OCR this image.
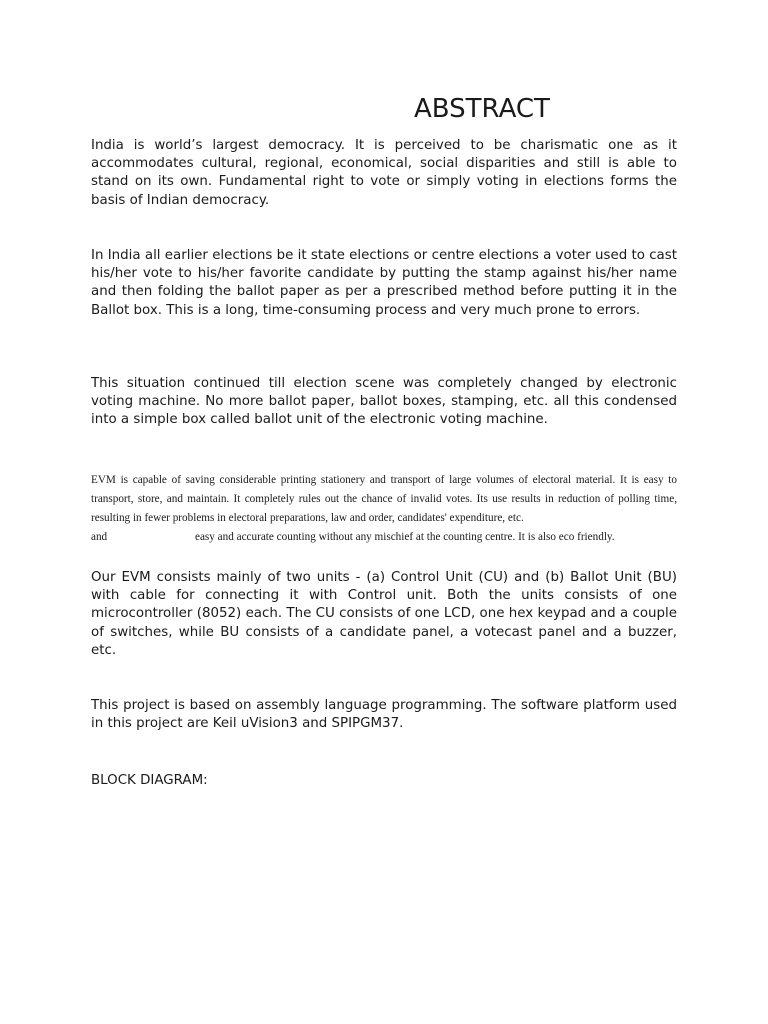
ABSTRACT

India is world’s largest democracy. It is perceived to be charismatic one as it accommodates cultural, regional, economical, social disparities and still is able to stand on its own. Fundamental right to vote or simply voting in elections forms the basis of Indian democracy.

In India all earlier elections be it state elections or centre elections a voter used to cast his/her vote to his/her favorite candidate by putting the stamp against his/her name and then folding the ballot paper as per a prescribed method before putting it in the Ballot box. This is a long, time-consuming process and very much prone to errors.

This situation continued till election scene was completely changed by electronic voting machine. No more ballot paper, ballot boxes, stamping, etc. all this condensed into a simple box called ballot unit of the electronic voting machine.

EVM is capable of saving considerable printing stationery and transport of large volumes of electoral material. It is easy to transport, store, and maintain. It completely rules out the chance of invalid votes. Its use results in reduction of polling time, resulting in fewer problems in electoral preparations, law and order, candidates' expenditure, etc.

and	easy and accurate counting without any mischief at the counting centre. It is also eco friendly.

Our EVM consists mainly of two units - (a) Control Unit (CU) and (b) Ballot Unit (BU) with cable for connecting it with Control unit. Both the units consists of one microcontroller (8052) each. The CU consists of one LCD, one hex keypad and a couple of switches, while BU consists of a candidate panel, a votecast panel and a buzzer, etc.

This project is based on assembly language programming. The software platform used in this project are Keil uVision3 and SPIPGM37.

BLOCK DIAGRAM:
